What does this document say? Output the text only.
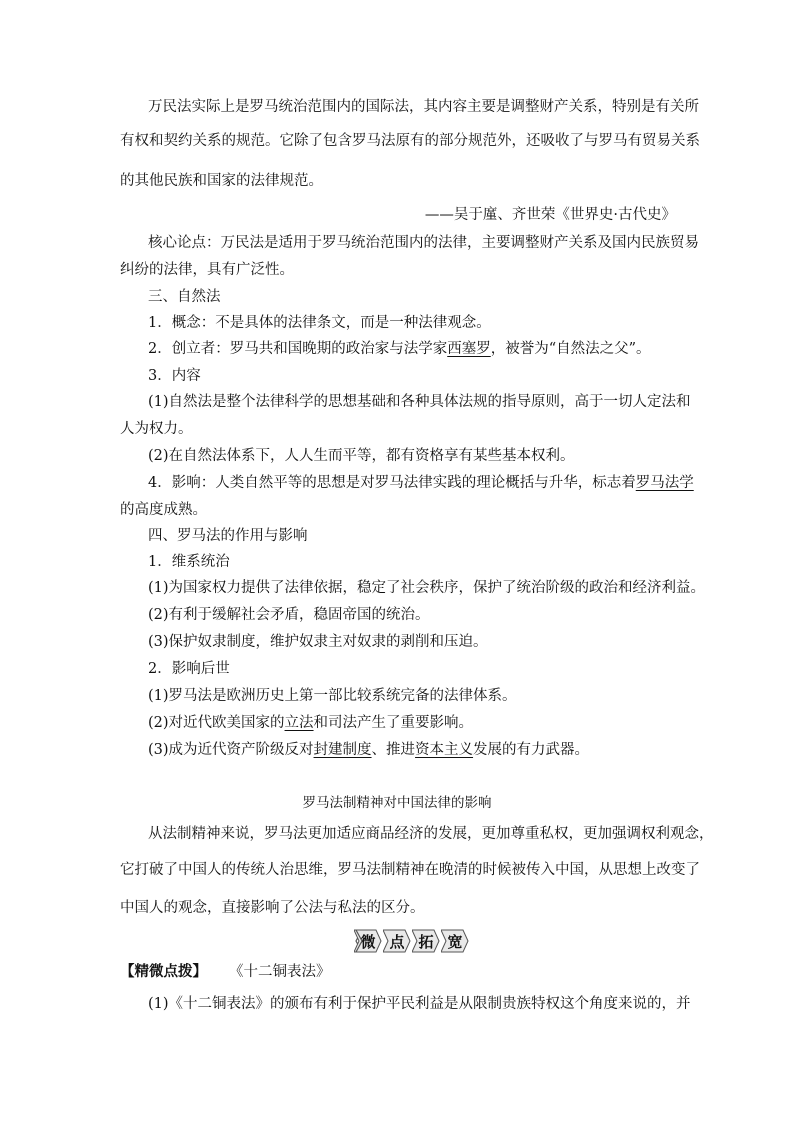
万民法实际上是罗马统治范围内的国际法，其内容主要是调整财产关系，特别是有关所
有权和契约关系的规范。它除了包含罗马法原有的部分规范外，还吸收了与罗马有贸易关系
的其他民族和国家的法律规范。
——吴于廑、齐世荣《世界史·古代史》
核心论点：万民法是适用于罗马统治范围内的法律，主要调整财产关系及国内民族贸易
纠纷的法律，具有广泛性。
三、自然法
1．概念：不是具体的法律条文，而是一种法律观念。
2．创立者：罗马共和国晚期的政治家与法学家西塞罗，被誉为“自然法之父”。
3．内容
(1)自然法是整个法律科学的思想基础和各种具体法规的指导原则，高于一切人定法和
人为权力。
(2)在自然法体系下，人人生而平等，都有资格享有某些基本权利。
4．影响：人类自然平等的思想是对罗马法律实践的理论概括与升华，标志着罗马法学
的高度成熟。
四、罗马法的作用与影响
1．维系统治
(1)为国家权力提供了法律依据，稳定了社会秩序，保护了统治阶级的政治和经济利益。
(2)有利于缓解社会矛盾，稳固帝国的统治。
(3)保护奴隶制度，维护奴隶主对奴隶的剥削和压迫。
2．影响后世
(1)罗马法是欧洲历史上第一部比较系统完备的法律体系。
(2)对近代欧美国家的立法和司法产生了重要影响。
(3)成为近代资产阶级反对封建制度、推进资本主义发展的有力武器。
罗马法制精神对中国法律的影响
从法制精神来说，罗马法更加适应商品经济的发展，更加尊重私权，更加强调权利观念，
它打破了中国人的传统人治思维，罗马法制精神在晚清的时候被传入中国，从思想上改变了
中国人的观念，直接影响了公法与私法的区分。
微 点 拓 宽
【精微点拨】 《十二铜表法》
(1)《十二铜表法》的颁布有利于保护平民利益是从限制贵族特权这个角度来说的，并
